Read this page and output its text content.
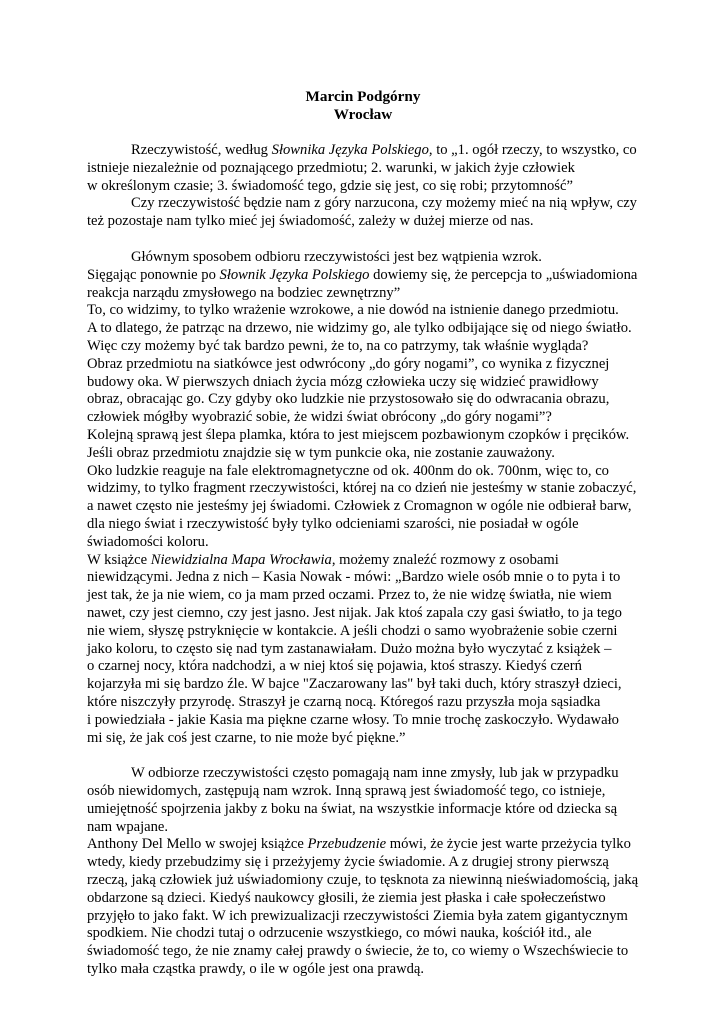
Marcin Podgórny

Wrocław

Rzeczywistość, według Słownika Języka Polskiego, to „1. ogół rzeczy, to wszystko, co
istnieje niezależnie od poznającego przedmiotu; 2. warunki, w jakich żyje człowiek
w określonym czasie; 3. świadomość tego, gdzie się jest, co się robi; przytomność”
Czy rzeczywistość będzie nam z góry narzucona, czy możemy mieć na nią wpływ, czy
też pozostaje nam tylko mieć jej świadomość, zależy w dużej mierze od nas.
Głównym sposobem odbioru rzeczywistości jest bez wątpienia wzrok.
Sięgając ponownie po Słownik Języka Polskiego dowiemy się, że percepcja to „uświadomiona
reakcja narządu zmysłowego na bodziec zewnętrzny”
To, co widzimy, to tylko wrażenie wzrokowe, a nie dowód na istnienie danego przedmiotu.
A to dlatego, że patrząc na drzewo, nie widzimy go, ale tylko odbijające się od niego światło.
Więc czy możemy być tak bardzo pewni, że to, na co patrzymy, tak właśnie wygląda?
Obraz przedmiotu na siatkówce jest odwrócony „do góry nogami”, co wynika z fizycznej
budowy oka. W pierwszych dniach życia mózg człowieka uczy się widzieć prawidłowy
obraz, obracając go. Czy gdyby oko ludzkie nie przystosowało się do odwracania obrazu,
człowiek mógłby wyobrazić sobie, że widzi świat obrócony „do góry nogami”?
Kolejną sprawą jest ślepa plamka, która to jest miejscem pozbawionym czopków i pręcików.
Jeśli obraz przedmiotu znajdzie się w tym punkcie oka, nie zostanie zauważony.
Oko ludzkie reaguje na fale elektromagnetyczne od ok. 400nm do ok. 700nm, więc to, co
widzimy, to tylko fragment rzeczywistości, której na co dzień nie jesteśmy w stanie zobaczyć,
a nawet często nie jesteśmy jej świadomi. Człowiek z Cromagnon w ogóle nie odbierał barw,
dla niego świat i rzeczywistość były tylko odcieniami szarości, nie posiadał w ogóle
świadomości koloru.
W książce Niewidzialna Mapa Wrocławia, możemy znaleźć rozmowy z osobami
niewidzącymi. Jedna z nich – Kasia Nowak - mówi: „Bardzo wiele osób mnie o to pyta i to
jest tak, że ja nie wiem, co ja mam przed oczami. Przez to, że nie widzę światła, nie wiem
nawet, czy jest ciemno, czy jest jasno. Jest nijak. Jak ktoś zapala czy gasi światło, to ja tego
nie wiem, słyszę pstryknięcie w kontakcie. A jeśli chodzi o samo wyobrażenie sobie czerni
jako koloru, to często się nad tym zastanawiałam. Dużo można było wyczytać z książek –
o czarnej nocy, która nadchodzi, a w niej ktoś się pojawia, ktoś straszy. Kiedyś czerń
kojarzyła mi się bardzo źle. W bajce "Zaczarowany las" był taki duch, który straszył dzieci,
które niszczyły przyrodę. Straszył je czarną nocą. Któregoś razu przyszła moja sąsiadka
i powiedziała - jakie Kasia ma piękne czarne włosy. To mnie trochę zaskoczyło. Wydawało
mi się, że jak coś jest czarne, to nie może być piękne.”
W odbiorze rzeczywistości często pomagają nam inne zmysły, lub jak w przypadku
osób niewidomych, zastępują nam wzrok. Inną sprawą jest świadomość tego, co istnieje,
umiejętność spojrzenia jakby z boku na świat, na wszystkie informacje które od dziecka są
nam wpajane.
Anthony Del Mello w swojej książce Przebudzenie mówi, że życie jest warte przeżycia tylko
wtedy, kiedy przebudzimy się i przeżyjemy życie świadomie. A z drugiej strony pierwszą
rzeczą, jaką człowiek już uświadomiony czuje, to tęsknota za niewinną nieświadomością, jaką
obdarzone są dzieci. Kiedyś naukowcy głosili, że ziemia jest płaska i całe społeczeństwo
przyjęło to jako fakt. W ich prewizualizacji rzeczywistości Ziemia była zatem gigantycznym
spodkiem. Nie chodzi tutaj o odrzucenie wszystkiego, co mówi nauka, kościół itd., ale
świadomość tego, że nie znamy całej prawdy o świecie, że to, co wiemy o Wszechświecie to
tylko mała cząstka prawdy, o ile w ogóle jest ona prawdą.
